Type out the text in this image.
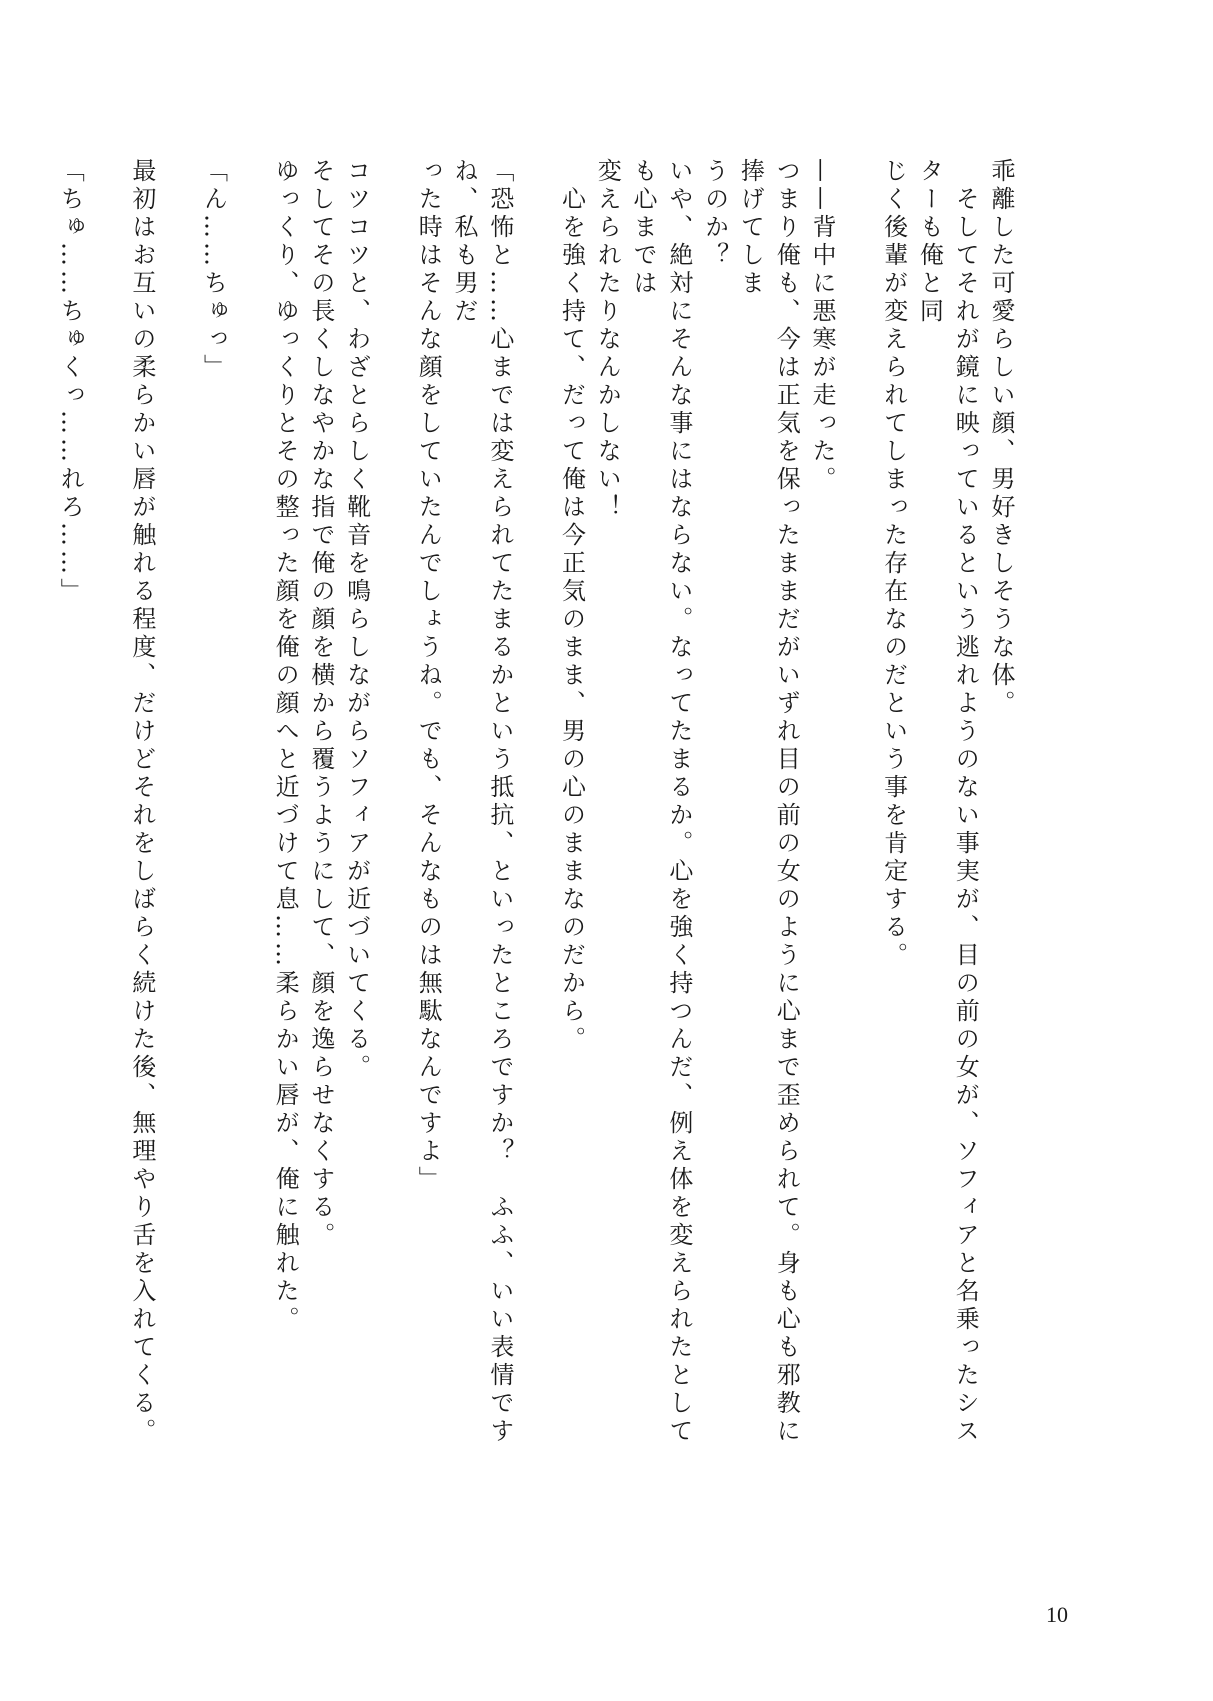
乖離した可愛らしい顔、男好きしそうな体。

　そしてそれが鏡に映っているという逃れようのない事実が、目の前の女が、ソフィアと名乗ったシスターも俺と同

じく後輩が変えられてしまった存在なのだという事を肯定する。

——背中に悪寒が走った。

つまり俺も、今は正気を保ったままだがいずれ目の前の女のように心まで歪められて。身も心も邪教に捧げてしま

うのか？

いや、絶対にそんな事にはならない。なってたまるか。心を強く持つんだ、例え体を変えられたとしても心までは

変えられたりなんかしない！

　心を強く持て、だって俺は今正気のまま、男の心のままなのだから。

「恐怖と……心までは変えられてたまるかという抵抗、といったところですか？　ふふ、いい表情ですね、私も男だ

った時はそんな顔をしていたんでしょうね。でも、そんなものは無駄なんですよ」

コツコツと、わざとらしく靴音を鳴らしながらソフィアが近づいてくる。

そしてその長くしなやかな指で俺の顔を横から覆うようにして、顔を逸らせなくする。

ゆっくり、ゆっくりとその整った顔を俺の顔へと近づけて息……柔らかい唇が、俺に触れた。

「ん……ちゅっ」

最初はお互いの柔らかい唇が触れる程度、だけどそれをしばらく続けた後、無理やり舌を入れてくる。

「ちゅ……ちゅくっ……れろ……」

10
